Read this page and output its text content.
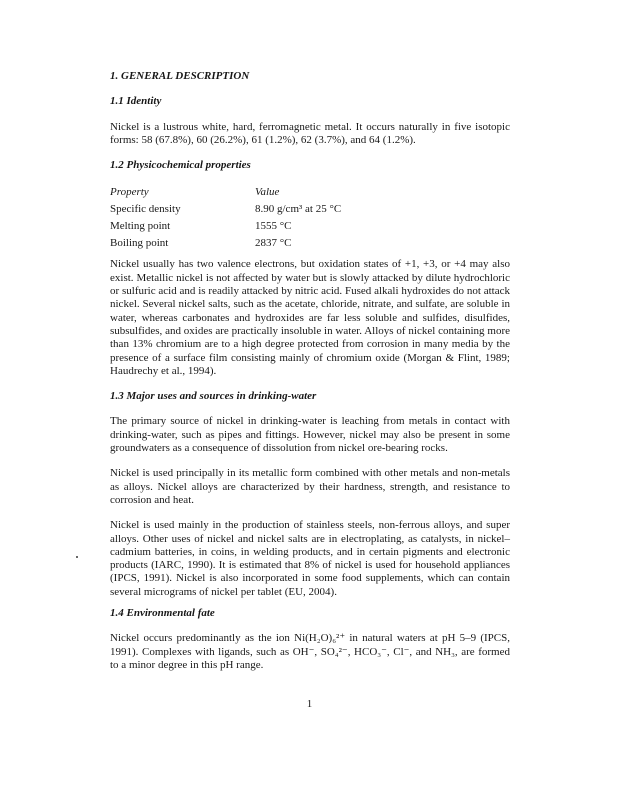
1. GENERAL DESCRIPTION

1.1 Identity

Nickel is a lustrous white, hard, ferromagnetic metal. It occurs naturally in five isotopic forms: 58 (67.8%), 60 (26.2%), 61 (1.2%), 62 (3.7%), and 64 (1.2%).

1.2 Physicochemical properties

Property	Value
Specific density	8.90 g/cm³ at 25 °C
Melting point	1555 °C
Boiling point	2837 °C

Nickel usually has two valence electrons, but oxidation states of +1, +3, or +4 may also exist. Metallic nickel is not affected by water but is slowly attacked by dilute hydrochloric or sulfuric acid and is readily attacked by nitric acid. Fused alkali hydroxides do not attack nickel. Several nickel salts, such as the acetate, chloride, nitrate, and sulfate, are soluble in water, whereas carbonates and hydroxides are far less soluble and sulfides, disulfides, subsulfides, and oxides are practically insoluble in water. Alloys of nickel containing more than 13% chromium are to a high degree protected from corrosion in many media by the presence of a surface film consisting mainly of chromium oxide (Morgan & Flint, 1989; Haudrechy et al., 1994).

1.3 Major uses and sources in drinking-water

The primary source of nickel in drinking-water is leaching from metals in contact with drinking-water, such as pipes and fittings. However, nickel may also be present in some groundwaters as a consequence of dissolution from nickel ore-bearing rocks.

Nickel is used principally in its metallic form combined with other metals and non-metals as alloys. Nickel alloys are characterized by their hardness, strength, and resistance to corrosion and heat.

Nickel is used mainly in the production of stainless steels, non-ferrous alloys, and super alloys. Other uses of nickel and nickel salts are in electroplating, as catalysts, in nickel–cadmium batteries, in coins, in welding products, and in certain pigments and electronic products (IARC, 1990). It is estimated that 8% of nickel is used for household appliances (IPCS, 1991). Nickel is also incorporated in some food supplements, which can contain several micrograms of nickel per tablet (EU, 2004).

1.4 Environmental fate

Nickel occurs predominantly as the ion Ni(H₂O)₆²⁺ in natural waters at pH 5–9 (IPCS, 1991). Complexes with ligands, such as OH⁻, SO₄²⁻, HCO₃⁻, Cl⁻, and NH₃, are formed to a minor degree in this pH range.

1
